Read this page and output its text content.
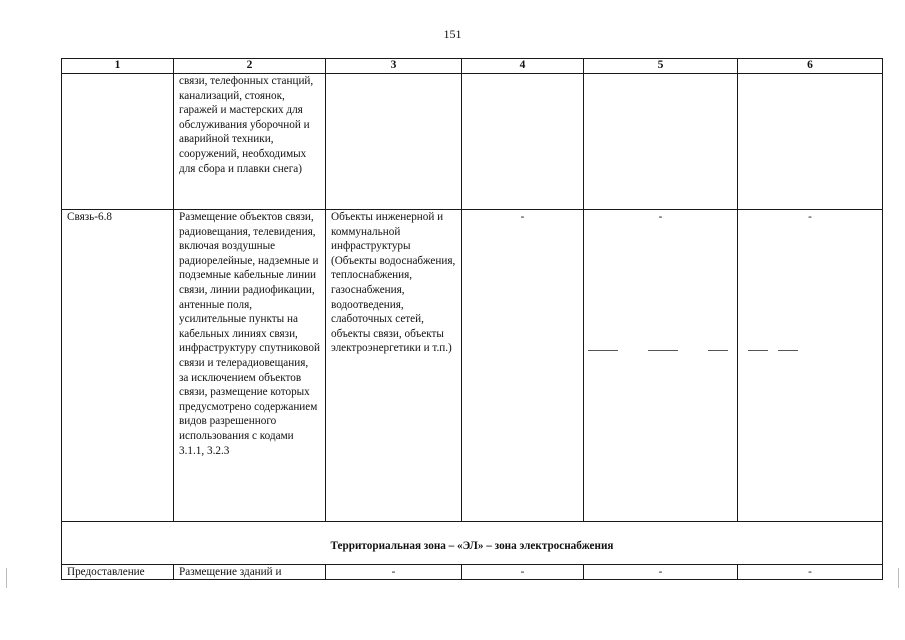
151
1	2	3	4	5	6
	связи, телефонных станций, канализаций, стоянок, гаражей и мастерских для обслуживания уборочной и аварийной техники, сооружений, необходимых для сбора и плавки снега)				
Связь-6.8	Размещение объектов связи, радиовещания, телевидения, включая воздушные радиорелейные, надземные и подземные кабельные линии связи, линии радиофикации, антенные поля, усилительные пункты на кабельных линиях связи, инфраструктуру спутниковой связи и телерадиовещания, за исключением объектов связи, размещение которых предусмотрено содержанием видов разрешенного использования с кодами 3.1.1, 3.2.3	Объекты инженерной и коммунальной инфраструктуры (Объекты водоснабжения, теплоснабжения, газоснабжения, водоотведения, слаботочных сетей, объекты связи, объекты электроэнергетики и т.п.)	-	-	-
Территориальная зона – «ЭЛ» – зона электроснабжения					
Предоставление	Размещение зданий и	-	-	-	-
